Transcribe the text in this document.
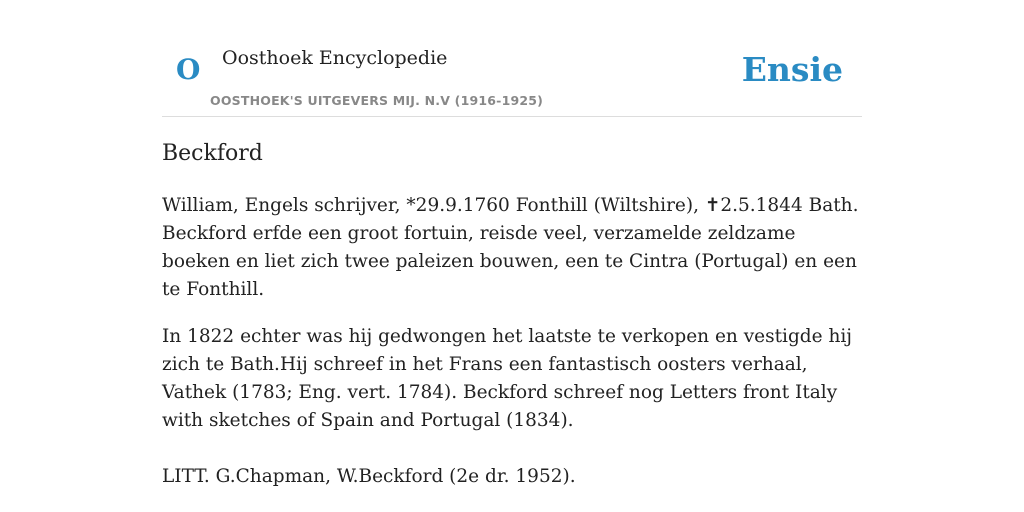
O Oosthoek Encyclopedie
OOSTHOEK'S UITGEVERS MIJ. N.V (1916-1925)
Ensie
Beckford

William, Engels schrijver, *29.9.1760 Fonthill (Wiltshire), ✝2.5.1844 Bath. Beckford erfde een groot fortuin, reisde veel, verzamelde zeldzame boeken en liet zich twee paleizen bouwen, een te Cintra (Portugal) en een te Fonthill.

In 1822 echter was hij gedwongen het laatste te verkopen en vestigde hij zich te Bath.Hij schreef in het Frans een fantastisch oosters verhaal, Vathek (1783; Eng. vert. 1784). Beckford schreef nog Letters front Italy with sketches of Spain and Portugal (1834).

LITT. G.Chapman, W.Beckford (2e dr. 1952).
